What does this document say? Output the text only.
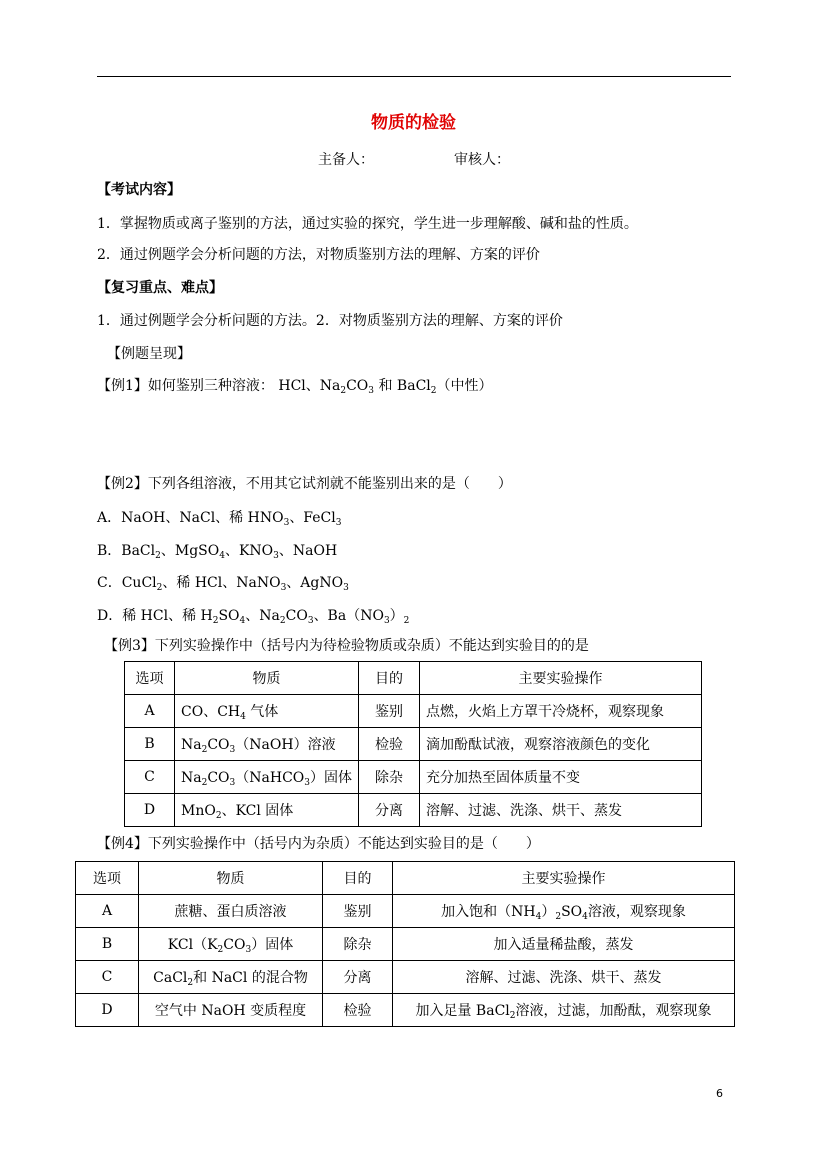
物质的检验
主备人：	审核人：
【考试内容】
1．掌握物质或离子鉴别的方法，通过实验的探究，学生进一步理解酸、碱和盐的性质。
2．通过例题学会分析问题的方法，对物质鉴别方法的理解、方案的评价
【复习重点、难点】
1．通过例题学会分析问题的方法。2．对物质鉴别方法的理解、方案的评价
【例题呈现】
【例1】如何鉴别三种溶液： HCl、$Na_2CO_3$ 和 BaCl$_2$（中性）
【例2】下列各组溶液，不用其它试剂就不能鉴别出来的是（　　）
A．NaOH、NaCl、稀 $HNO_3$、FeCl$_3$
B．BaCl$_2$、MgSO$_4$、$KNO_3$、NaOH
C．CuCl$_2$、稀 HCl、NaNO$_3$、AgNO$_3$
D．稀 HCl、稀 $H_2SO_4$、$Na_2CO_3$、$Ba(NO_3)_2$
【例3】下列实验操作中（括号内为待检验物质或杂质）不能达到实验目的的是
选项	物质	目的	主要实验操作
A	CO、$CH_4$ 气体	鉴别	点燃，火焰上方罩干冷烧杯，观察现象
B	$Na_2CO_3(NaOH)$溶液	检验	滴加酚酞试液，观察溶液颜色的变化
C	$Na_2CO_3(NaHCO_3)$固体	除杂	充分加热至固体质量不变
D	MnO$_2$、KCl 固体	分离	溶解、过滤、洗涤、烘干、蒸发
【例4】下列实验操作中（括号内为杂质）不能达到实验目的是（　　）
选项	物质	目的	主要实验操作
A	蔗糖、蛋白质溶液	鉴别	加入饱和$(NH_4)_2SO_4$溶液，观察现象
B	$KCl(K_2CO_3)$固体	除杂	加入适量稀盐酸，蒸发
C	CaCl$_2$和 NaCl 的混合物	分离	溶解、过滤、洗涤、烘干、蒸发
D	空气中 NaOH 变质程度	检验	加入足量 BaCl$_2$溶液，过滤，加酚酞，观察现象
6
